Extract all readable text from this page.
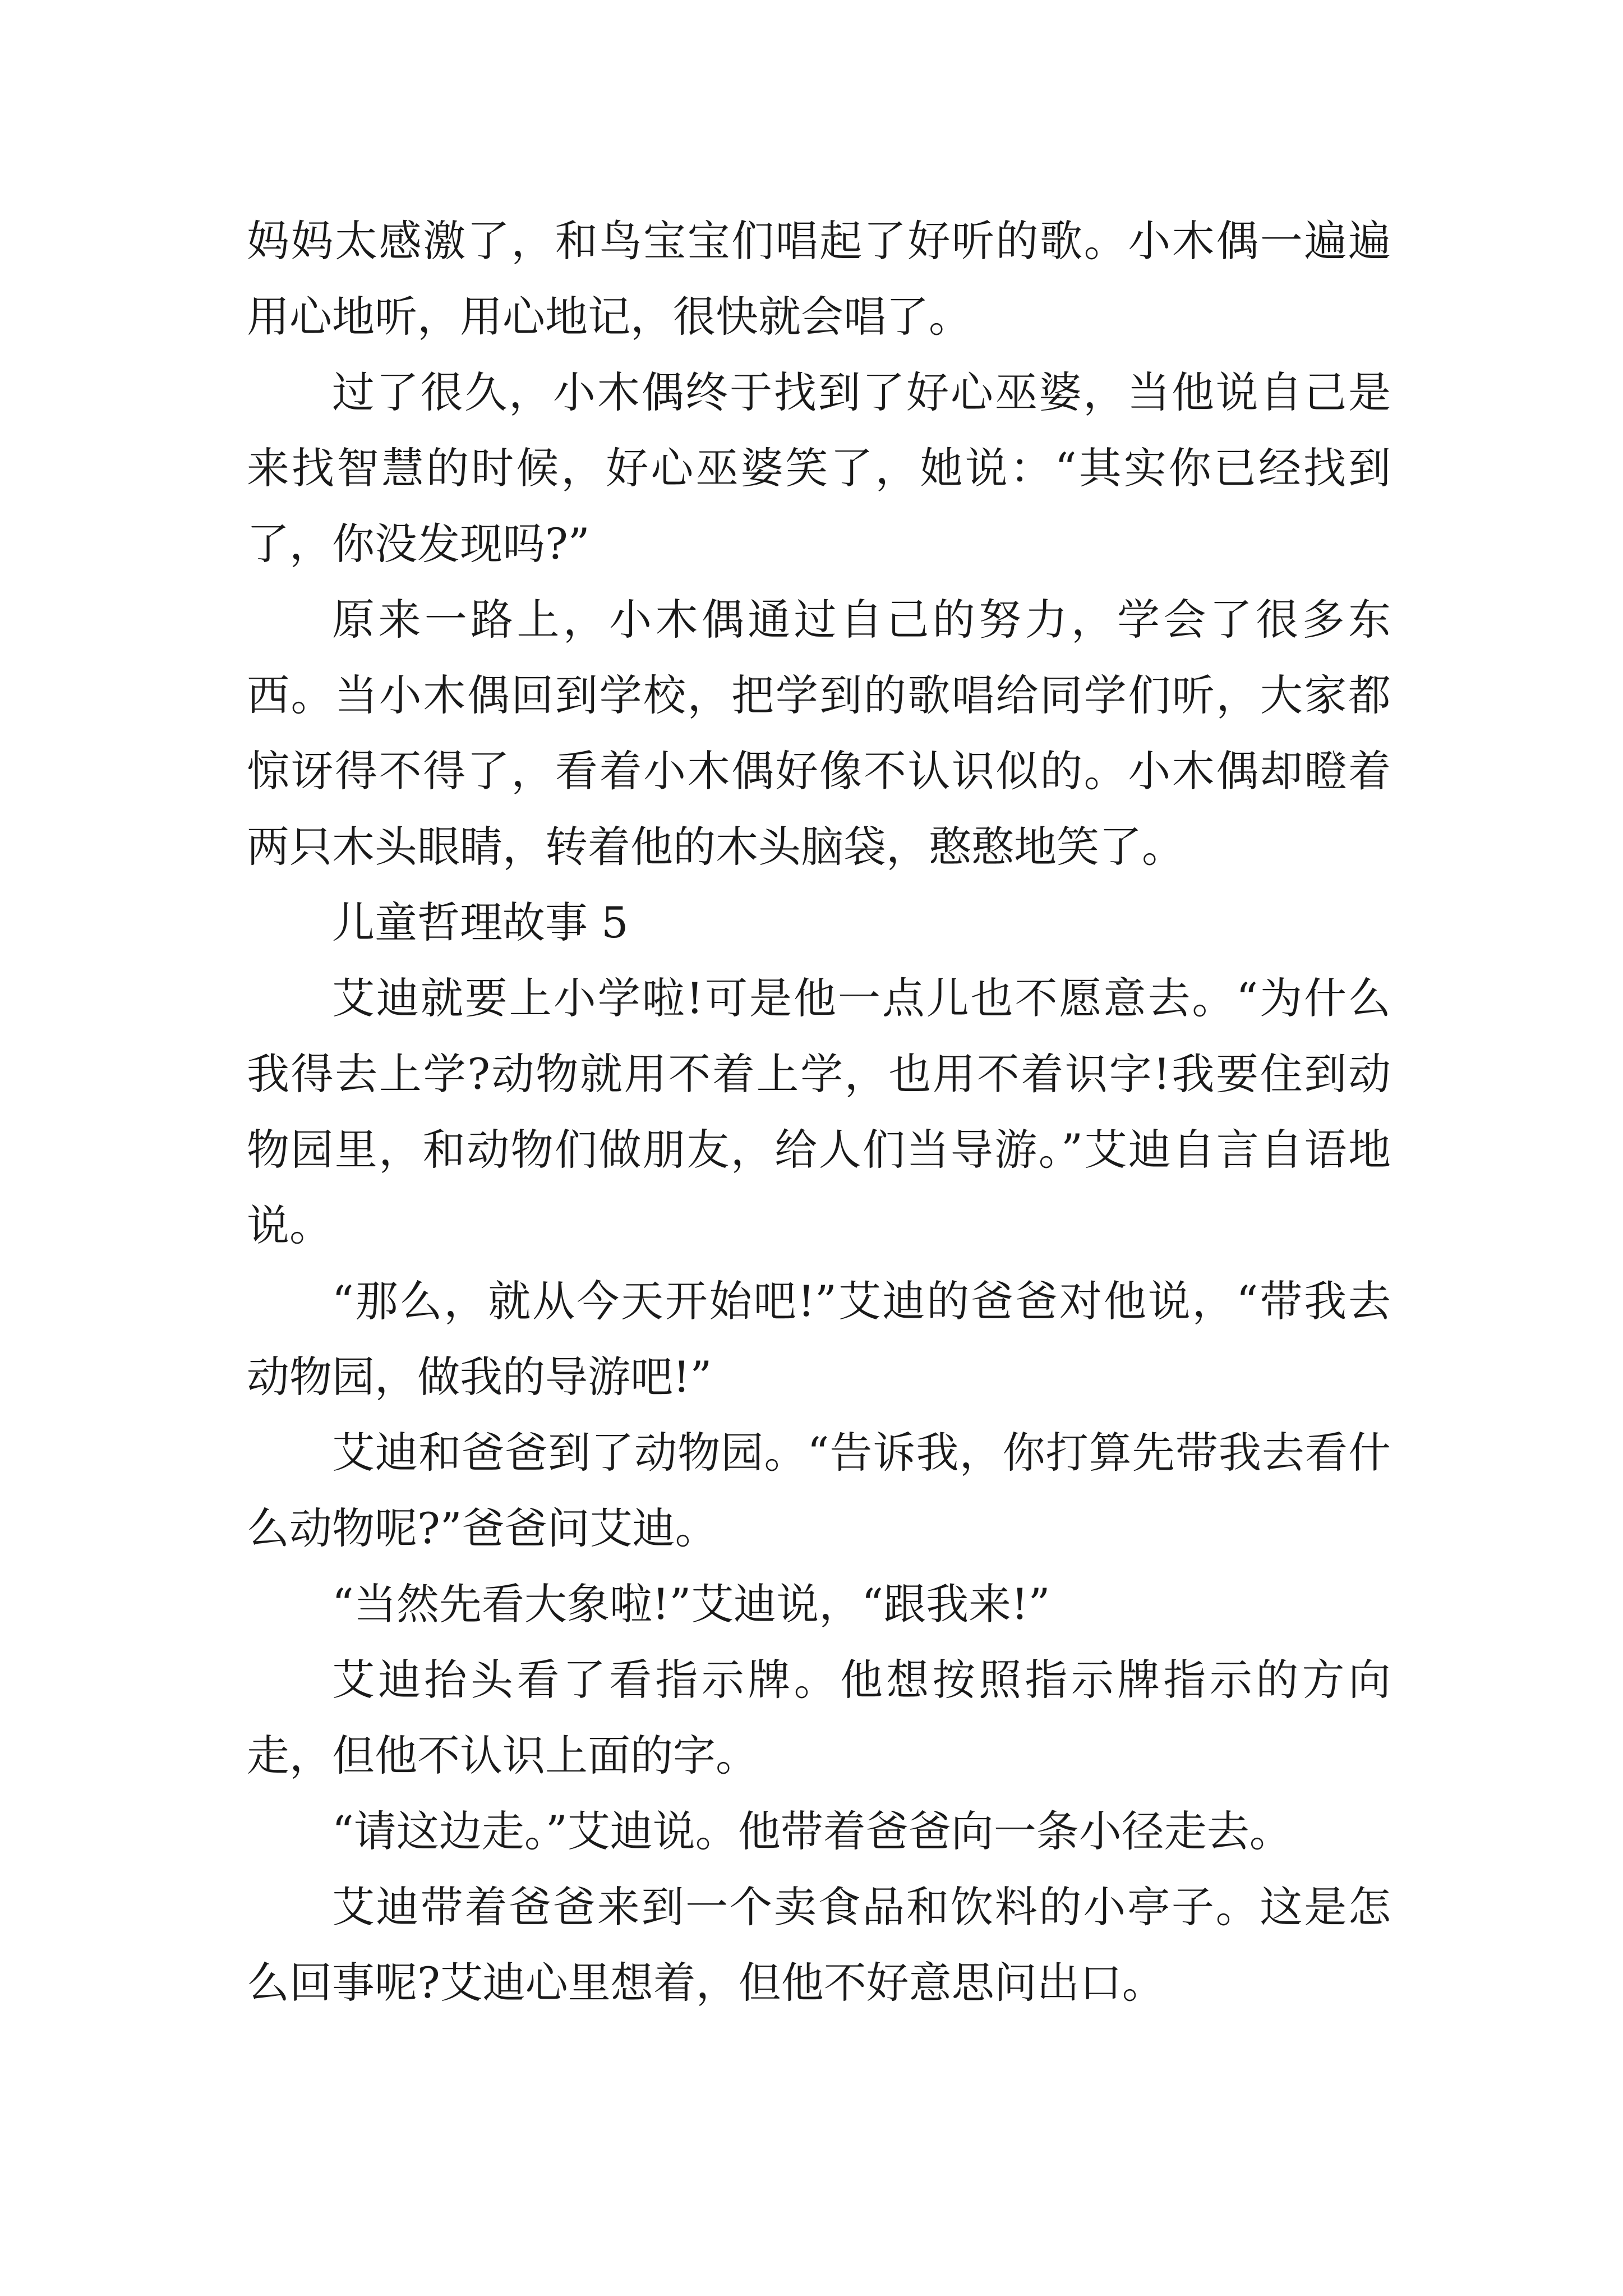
妈妈太感激了，和鸟宝宝们唱起了好听的歌。小木偶一遍遍用心地听，用心地记，很快就会唱了。

过了很久，小木偶终于找到了好心巫婆，当他说自己是来找智慧的时候，好心巫婆笑了，她说：“其实你已经找到了，你没发现吗?”

原来一路上，小木偶通过自己的努力，学会了很多东西。当小木偶回到学校，把学到的歌唱给同学们听，大家都惊讶得不得了，看着小木偶好像不认识似的。小木偶却瞪着两只木头眼睛，转着他的木头脑袋，憨憨地笑了。

儿童哲理故事 5

艾迪就要上小学啦!可是他一点儿也不愿意去。“为什么我得去上学?动物就用不着上学，也用不着识字!我要住到动物园里，和动物们做朋友，给人们当导游。”艾迪自言自语地说。

“那么，就从今天开始吧!”艾迪的爸爸对他说，“带我去动物园，做我的导游吧!”

艾迪和爸爸到了动物园。“告诉我，你打算先带我去看什么动物呢?”爸爸问艾迪。

“当然先看大象啦!”艾迪说，“跟我来!”

艾迪抬头看了看指示牌。他想按照指示牌指示的方向走，但他不认识上面的字。

“请这边走。”艾迪说。他带着爸爸向一条小径走去。

艾迪带着爸爸来到一个卖食品和饮料的小亭子。这是怎么回事呢?艾迪心里想着，但他不好意思问出口。
